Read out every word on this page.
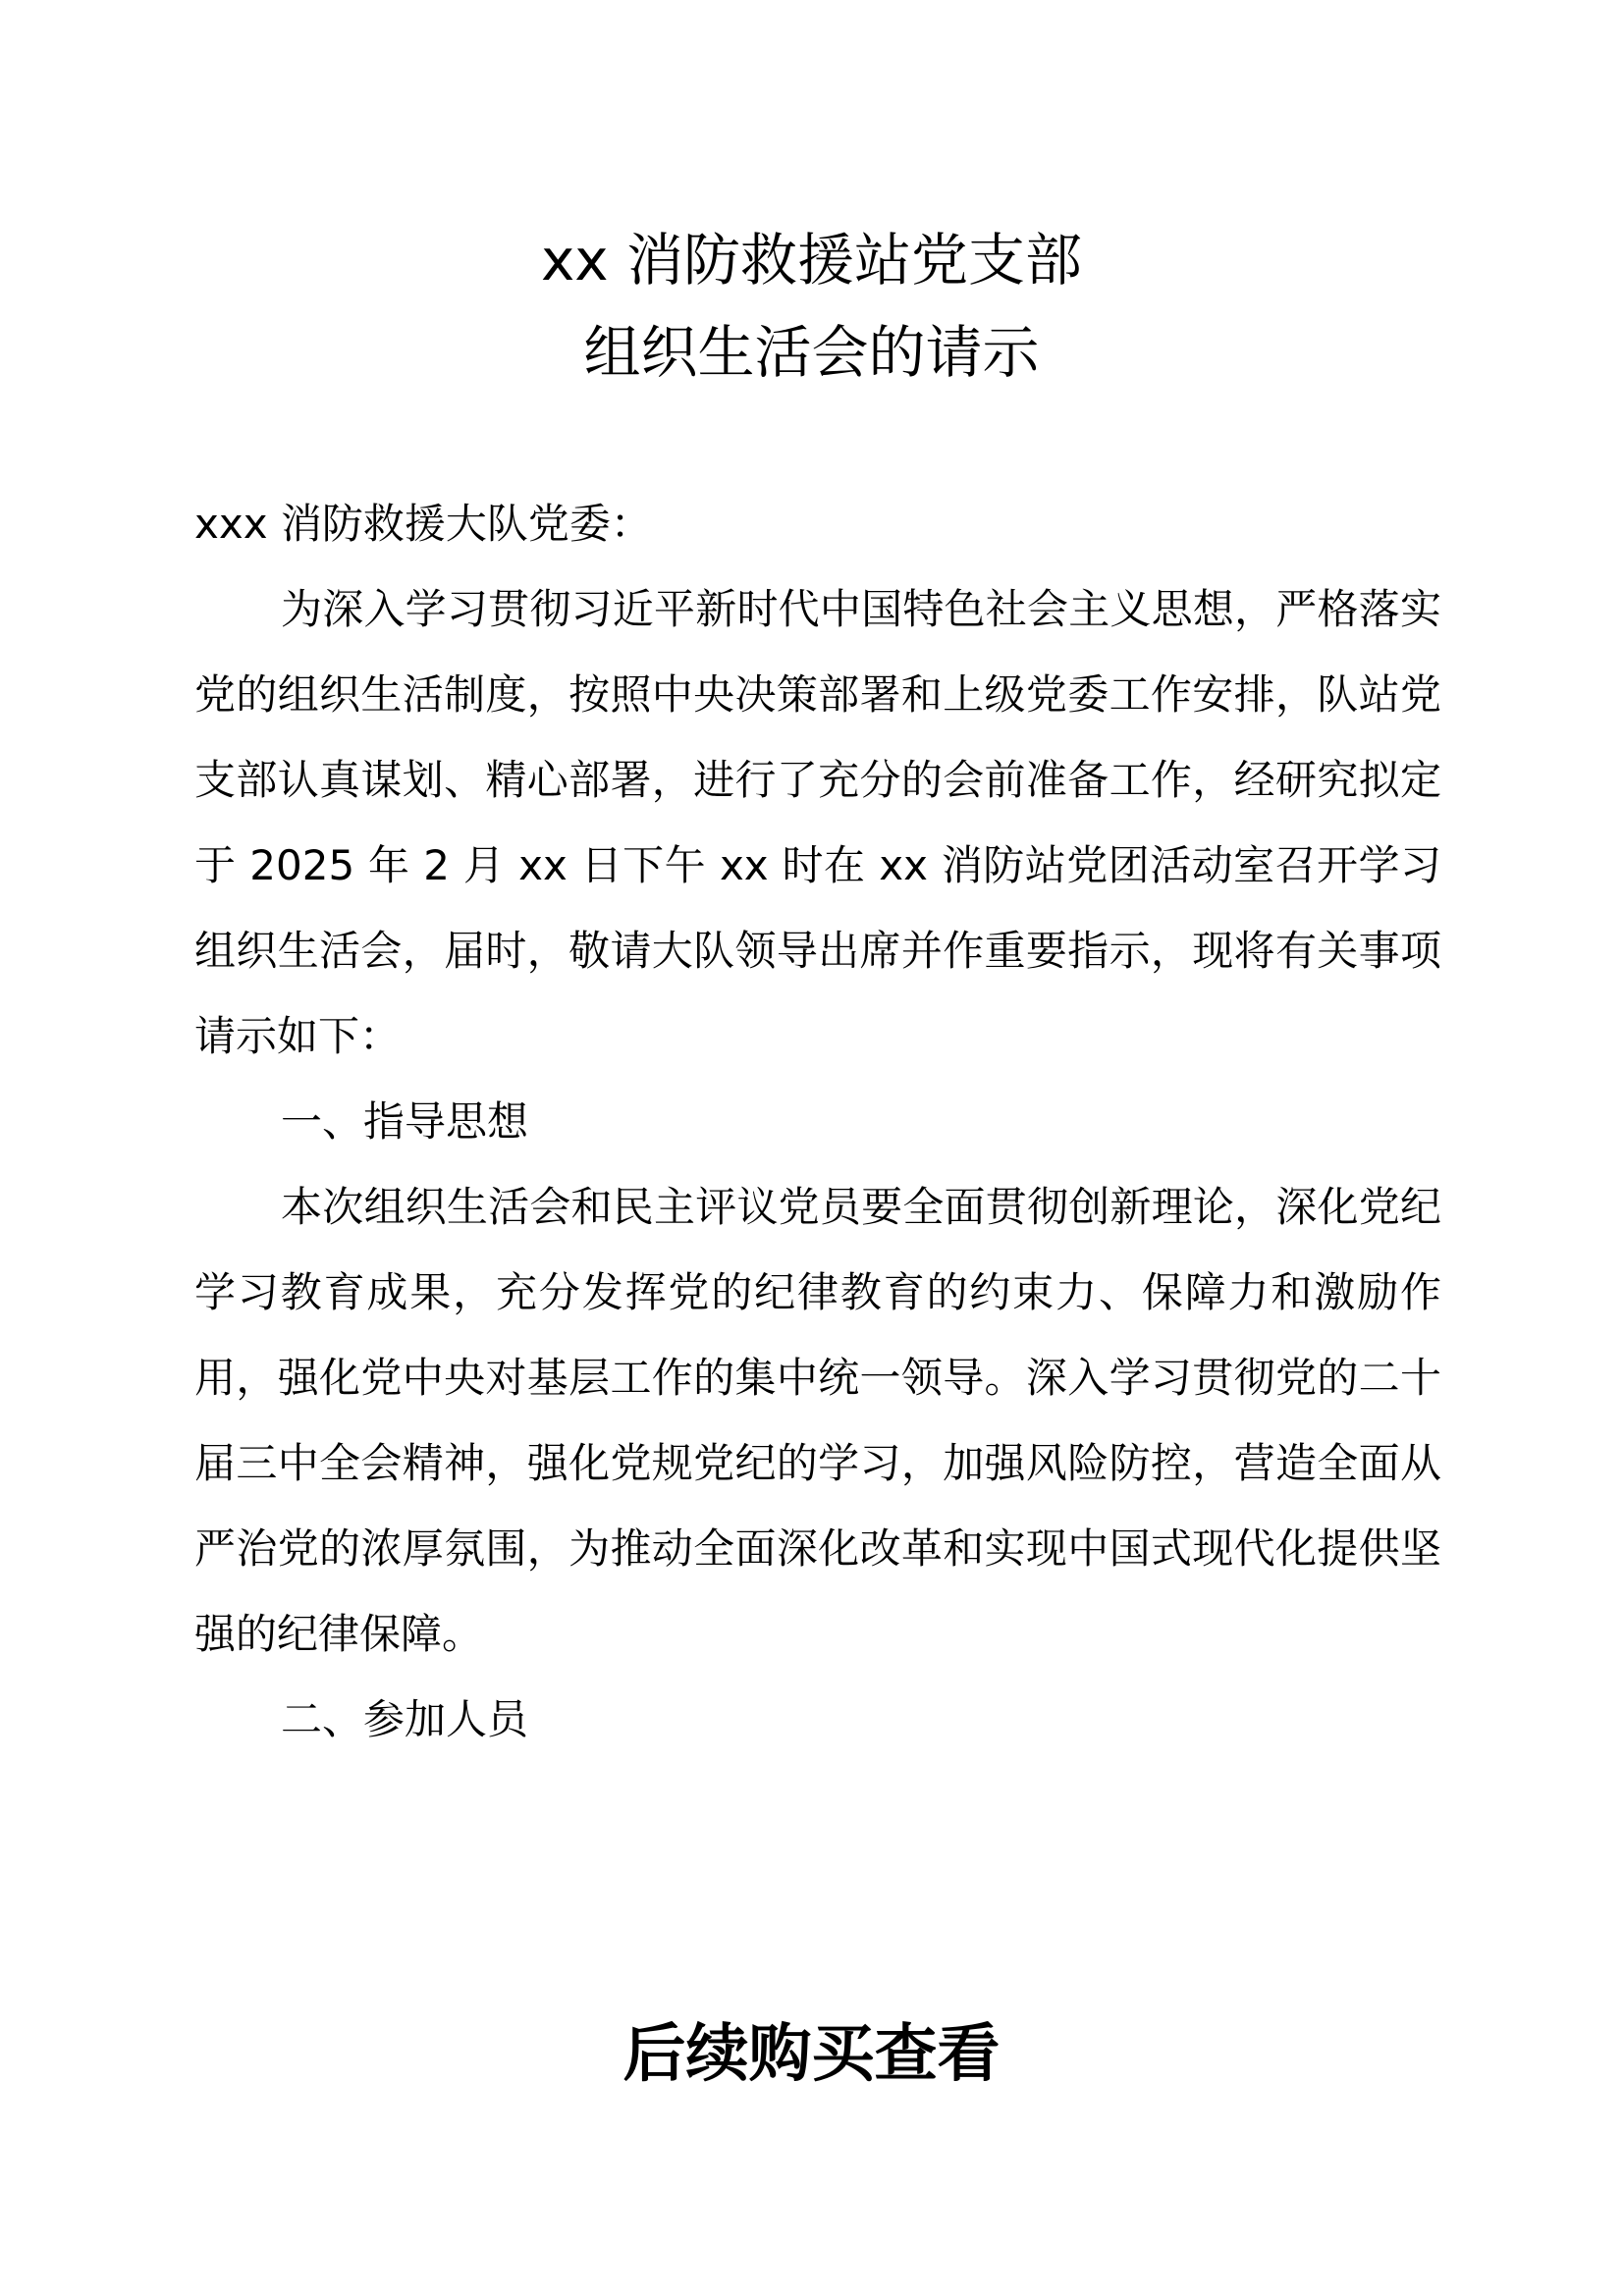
xx 消防救援站党支部
组织生活会的请示

xxx 消防救援大队党委：

为深入学习贯彻习近平新时代中国特色社会主义思想，严格落实党的组织生活制度，按照中央决策部署和上级党委工作安排，队站党支部认真谋划、精心部署，进行了充分的会前准备工作，经研究拟定于 2025 年 2 月 xx 日下午 xx 时在 xx 消防站党团活动室召开学习组织生活会，届时，敬请大队领导出席并作重要指示，现将有关事项请示如下：

一、指导思想

本次组织生活会和民主评议党员要全面贯彻创新理论，深化党纪学习教育成果，充分发挥党的纪律教育的约束力、保障力和激励作用，强化党中央对基层工作的集中统一领导。深入学习贯彻党的二十届三中全会精神，强化党规党纪的学习，加强风险防控，营造全面从严治党的浓厚氛围，为推动全面深化改革和实现中国式现代化提供坚强的纪律保障。

二、参加人员

后续购买查看
